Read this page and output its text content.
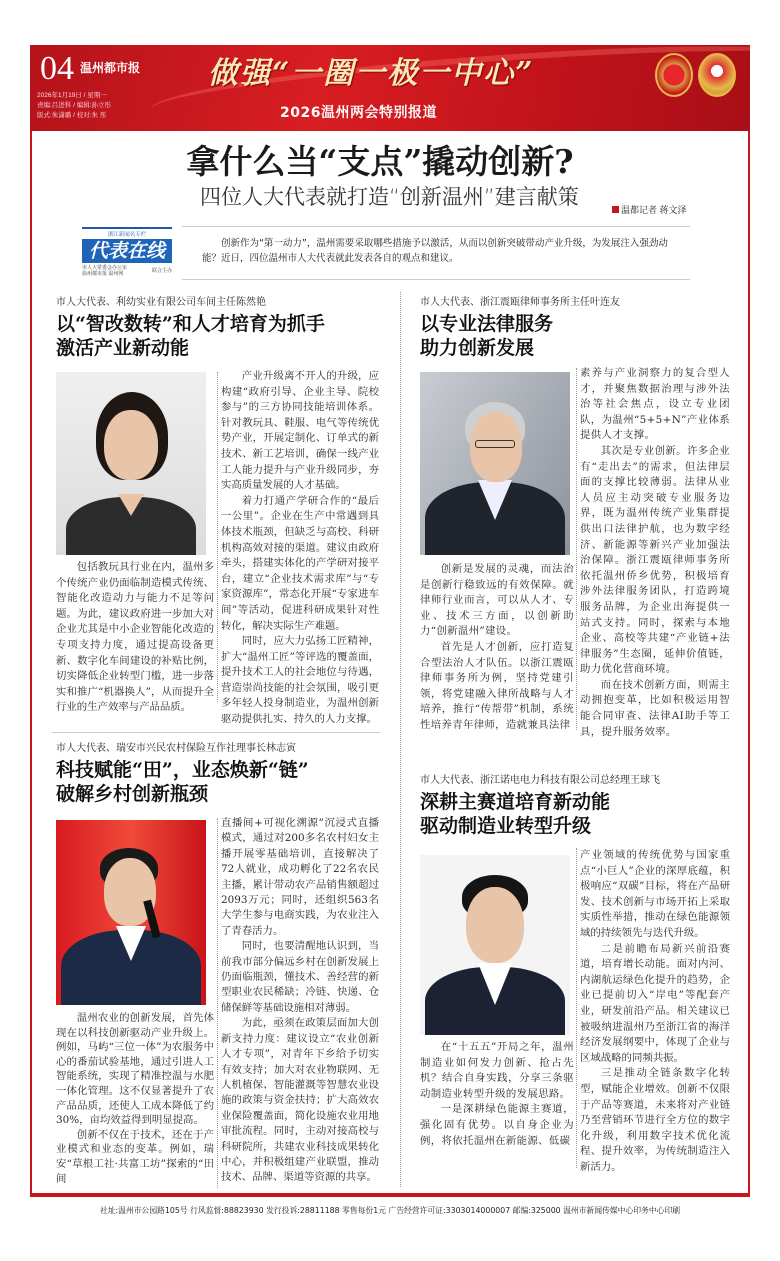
04 温州都市报
2026年1月19日 / 星期一
责编:吕进科 / 编辑:孙立彤
版式:朱潇璐 / 校对:朱 彤
做强“一圈一极一中心”
2026温州两会特别报道
拿什么当“支点”撬动创新?
四位人大代表就打造“创新温州”建言献策
温都记者 蒋文泽
浙江新闻名专栏
代表在线
市人大常委会办公室
温州都市报 温州网	联合主办
创新作为“第一动力”，温州需要采取哪些措施予以激活，从而以创新突破带动产业升级，为发展注入强劲动能？近日，四位温州市人大代表就此发表各自的观点和建议。
市人大代表、利幼实业有限公司车间主任陈然艳
以“智改数转”和人才培育为抓手
激活产业新动能

包括教玩具行业在内，温州多个传统产业仍面临制造模式传统、智能化改造动力与能力不足等问题。为此，建议政府进一步加大对企业尤其是中小企业智能化改造的专项支持力度，通过提高设备更新、数字化车间建设的补贴比例，切实降低企业转型门槛，进一步落实和推广“机器换人”，从而提升全行业的生产效率与产品品质。

产业升级离不开人的升级，应构建“政府引导、企业主导、院校参与”的三方协同技能培训体系。针对教玩具、鞋服、电气等传统优势产业，开展定制化、订单式的新技术、新工艺培训，确保一线产业工人能力提升与产业升级同步，夯实高质量发展的人才基础。

着力打通产学研合作的“最后一公里”。企业在生产中常遇到具体技术瓶颈，但缺乏与高校、科研机构高效对接的渠道。建议由政府牵头，搭建实体化的产学研对接平台，建立“企业技术需求库”与“专家资源库”，常态化开展“专家进车间”等活动，促进科研成果针对性转化，解决实际生产难题。

同时，应大力弘扬工匠精神，扩大“温州工匠”等评选的覆盖面，提升技术工人的社会地位与待遇，营造崇尚技能的社会氛围，吸引更多年轻人投身制造业，为温州创新驱动提供扎实、持久的人力支撑。

市人大代表、浙江震瓯律师事务所主任叶连友
以专业法律服务
助力创新发展

创新是发展的灵魂，而法治是创新行稳致远的有效保障。就律师行业而言，可以从人才、专业、技术三方面，以创新助力“创新温州”建设。

首先是人才创新，应打造复合型法治人才队伍。以浙江震瓯律师事务所为例，坚持党建引领，将党建融入律所战略与人才培养，推行“传帮带”机制，系统性培养青年律师，造就兼具法律

素养与产业洞察力的复合型人才，并聚焦数据治理与涉外法治等社会焦点，设立专业团队，为温州“5+5+N”产业体系提供人才支撑。

其次是专业创新。许多企业有“走出去”的需求，但法律层面的支撑比较薄弱。法律从业人员应主动突破专业服务边界，既为温州传统产业集群提供出口法律护航，也为数字经济、新能源等新兴产业加强法治保障。浙江震瓯律师事务所依托温州侨乡优势，积极培育涉外法律服务团队，打造跨境服务品牌，为企业出海提供一站式支持。同时，探索与本地企业、高校等共建“产业链+法律服务”生态圈，延伸价值链，助力优化营商环境。

而在技术创新方面，则需主动拥抱变革，比如积极运用智能合同审查、法律AI助手等工具，提升服务效率。

市人大代表、瑞安市兴民农村保险互作社理事长林志寅
科技赋能“田”，业态焕新“链”
破解乡村创新瓶颈

温州农业的创新发展，首先体现在以科技创新驱动产业升级上。例如，马屿“三位一体”为农服务中心的番茄试验基地，通过引进人工智能系统，实现了精准控温与水肥一体化管理。这不仅显著提升了农产品品质，还使人工成本降低了约30%，亩均效益得到明显提高。

创新不仅在于技术，还在于产业模式和业态的变革。例如，瑞安“草根工社·共富工坊”探索的“田间

直播间+可视化溯源”沉浸式直播模式，通过对200多名农村妇女主播开展零基础培训，直接解决了72人就业，成功孵化了22名农民主播，累计带动农产品销售额超过2093万元；同时，还组织563名大学生参与电商实践，为农业注入了青春活力。

同时，也要清醒地认识到，当前我市部分偏远乡村在创新发展上仍面临瓶颈，懂技术、善经营的新型职业农民稀缺；冷链、快递、仓储保鲜等基础设施相对薄弱。

为此，亟须在政策层面加大创新支持力度：建议设立“农业创新人才专项”，对青年下乡给予切实有效支持；加大对农业物联网、无人机植保、智能灌溉等智慧农业设施的政策与资金扶持；扩大高效农业保险覆盖面，简化设施农业用地审批流程。同时，主动对接高校与科研院所，共建农业科技成果转化中心，并积极组建产业联盟，推动技术、品牌、渠道等资源的共享。

市人大代表、浙江诺电电力科技有限公司总经理王球飞
深耕主赛道培育新动能
驱动制造业转型升级

在“十五五”开局之年，温州制造业如何发力创新、抢占先机？结合自身实践，分享三条驱动制造业转型升级的发展思路。

一是深耕绿色能源主赛道，强化固有优势。以自身企业为例，将依托温州在新能源、低碳

产业领域的传统优势与国家重点“小巨人”企业的深厚底蕴，积极响应“双碳”目标，将在产品研发、技术创新与市场开拓上采取实质性举措，推动在绿色能源领域的持续领先与迭代升级。

二是前瞻布局新兴前沿赛道，培育增长动能。面对内河、内湖航运绿色化提升的趋势，企业已提前切入“岸电”等配套产业，研发前沿产品。相关建议已被吸纳进温州乃至浙江省的海洋经济发展纲要中，体现了企业与区域战略的同频共振。

三是推动全链条数字化转型，赋能企业增效。创新不仅限于产品等赛道，未来将对产业链乃至营销环节进行全方位的数字化升级，利用数字技术优化流程、提升效率，为传统制造注入新活力。

社址:温州市公园路105号 行风监督:88823930 发行投诉:28811188 零售每份1元 广告经营许可证:3303014000007 邮编:325000 温州市新闻传媒中心印务中心印刷
